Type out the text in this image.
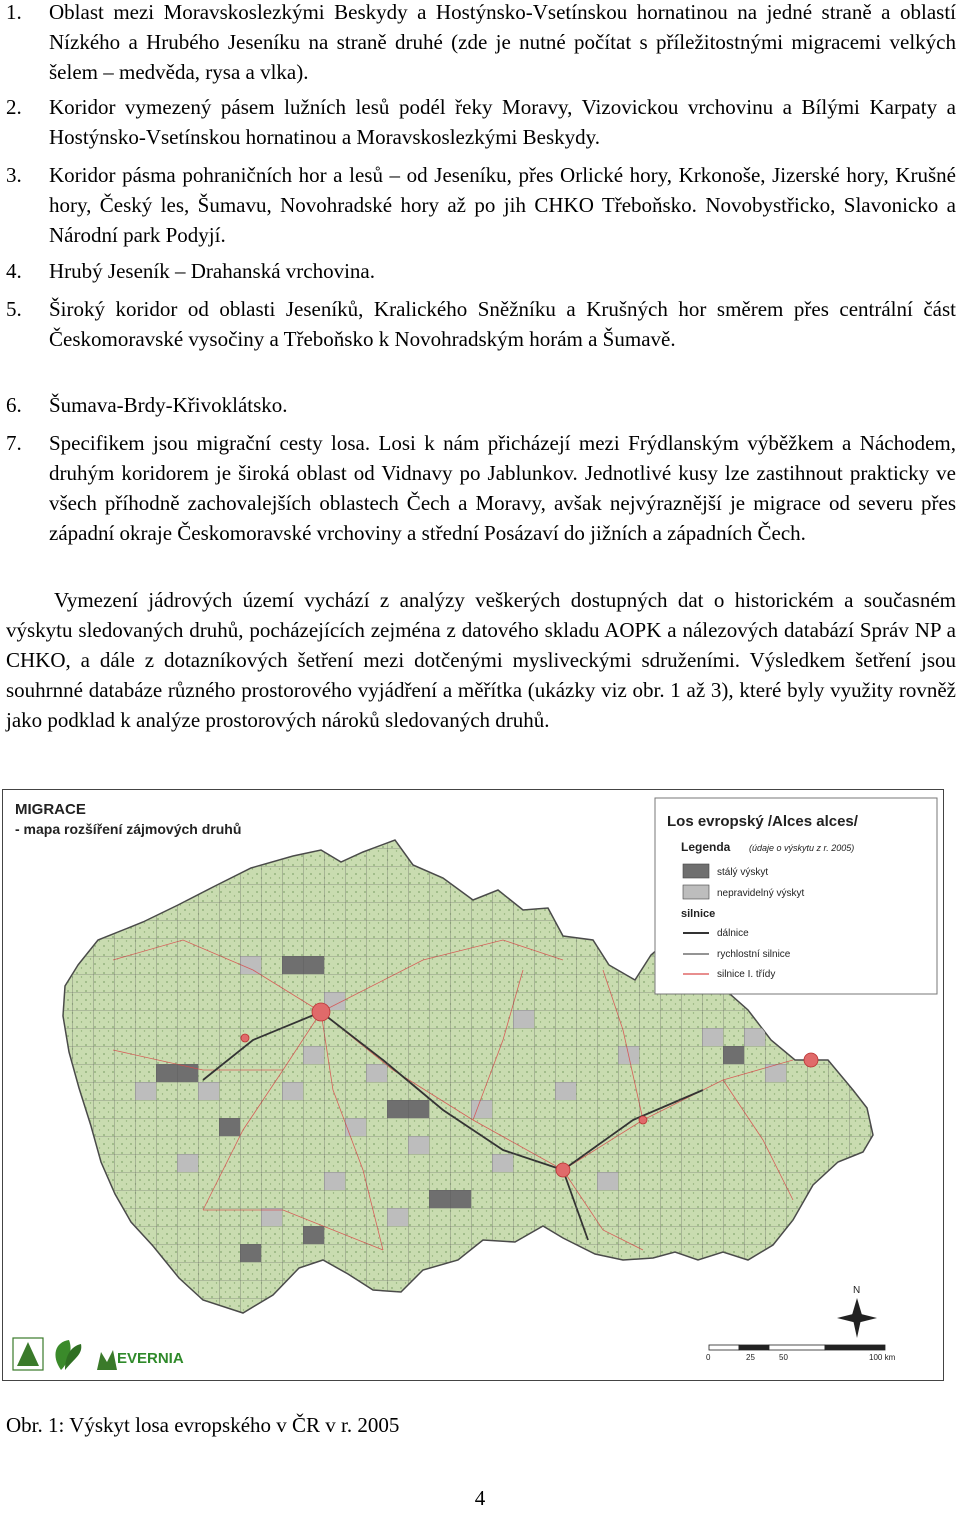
1. Oblast mezi Moravskoslezkými Beskydy a Hostýnsko-Vsetínskou hornatinou na jedné straně a oblastí Nízkého a Hrubého Jeseníku na straně druhé (zde je nutné počítat s příležitostnými migracemi velkých šelem – medvěda, rysa a vlka).
2. Koridor vymezený pásem lužních lesů podél řeky Moravy, Vizovickou vrchovinu a Bílými Karpaty a Hostýnsko-Vsetínskou hornatinou a Moravskoslezkými Beskydy.
3. Koridor pásma pohraničních hor a lesů – od Jeseníku, přes Orlické hory, Krkonoše, Jizerské hory, Krušné hory, Český les, Šumavu, Novohradské hory až po jih CHKO Třeboňsko. Novobystřicko, Slavonicko a Národní park Podyjí.
4. Hrubý Jeseník – Drahanská vrchovina.
5. Široký koridor od oblasti Jeseníků, Kralického Sněžníku a Krušných hor směrem přes centrální část Českomoravské vysočiny a Třeboňsko k Novohradským horám a Šumavě.
6. Šumava-Brdy-Křivoklátsko.
7. Specifikem jsou migrační cesty losa. Losi k nám přicházejí mezi Frýdlanským výběžkem a Náchodem, druhým koridorem je široká oblast od Vidnavy po Jablunkov. Jednotlivé kusy lze zastihnout prakticky ve všech příhodně zachovalejších oblastech Čech a Moravy, avšak nejvýraznější je migrace od severu přes západní okraje Českomoravské vrchoviny a střední Posázaví do jižních a západních Čech.
Vymezení jádrových území vychází z analýzy veškerých dostupných dat o historickém a současném výskytu sledovaných druhů, pocházejících zejména z datového skladu AOPK a nálezových databází Správ NP a CHKO, a dále z dotazníkových šetření mezi dotčenými mysliveckými sdruženími. Výsledkem šetření jsou souhrnné databáze různého prostorového vyjádření a měřítka (ukázky viz obr. 1 až 3), které byly využity rovněž jako podklad k analýze prostorových nároků sledovaných druhů.
MIGRACE
- mapa rozšíření zájmových druhů	Los evropský /Alces alces/
Legenda (údaje o výskytu z r. 2005)
stálý výskyt
nepravidelný výskyt
silnice
dálnice
rychlostní silnice
silnice I. třídy
N
0	25	50	100 km
EVERNIA
Obr. 1: Výskyt losa evropského v ČR v r. 2005
4
